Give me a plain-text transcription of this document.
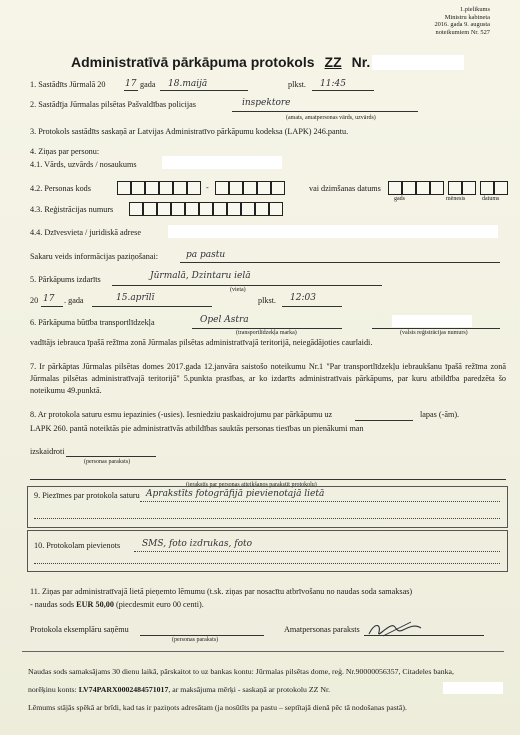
1.pielikums
Ministru kabineta
2016. gada 9. augusta
noteikumiem Nr. 527
Administratīvā pārkāpuma protokols ZZ Nr.
1. Sastādīts Jūrmalā 20 17 gada 18.maijā	plkst. 11:45
2. Sastādīja Jūrmalas pilsētas Pašvaldības policijas	inspektore
(amats, amatpersonas vārds, uzvārds)
3. Protokols sastādīts saskaņā ar Latvijas Administratīvo pārkāpumu kodeksa (LAPK) 246.pantu.
4. Ziņas par personu:
4.1. Vārds, uzvārds / nosaukums
4.2. Personas kods	-	vai dzimšanas datums
gads	mēnesis	datums
4.3. Reģistrācijas numurs
4.4. Dzīvesvieta / juridiskā adrese
Sakaru veids informācijas paziņošanai:	pa pastu
5. Pārkāpums izdarīts	Jūrmalā, Dzintaru ielā
(vieta)
20 17 . gada	15.aprīlī	plkst. 12:03
6. Pārkāpuma būtība transportlīdzekļa	Opel Astra
(transportlīdzekļa marka)	(valsts reģistrācijas numurs)
vadītājs iebrauca īpašā režīma zonā Jūrmalas pilsētas administratīvajā teritorijā, neiegādājoties caurlaidi.
7. Ir pārkāptas Jūrmalas pilsētas domes 2017.gada 12.janvāra saistošo noteikumu Nr.1 "Par transportlīdzekļu iebraukšanu īpašā režīma zonā Jūrmalas pilsētas administratīvajā teritorijā" 5.punkta prasības, ar ko izdarīts administratīvais pārkāpums, par kuru atbildība paredzēta šo noteikumu 49.punktā.
8. Ar protokola saturu esmu iepazinies (-usies). Iesniedziu paskaidrojumu par pārkāpumu uz	lapas (-ām).
LAPK 260. pantā noteiktās pie administratīvās atbildības sauktās personas tiesības un pienākumi man
izskaidroti
(personas paraksts)
(ierakstīs par personas atteikšanos parakstīt protokolu)
9. Piezīmes par protokola saturu Aprakstīts fotogrāfijā pievienotajā lietā
10. Protokolam pievienots SMS, foto izdrukas, foto
11. Ziņas par administratīvajā lietā pieņemto lēmumu (t.sk. ziņas par nosacītu atbrīvošanu no naudas soda samaksas)
- naudas sods EUR 50,00 (piecdesmit euro 00 centi).
Protokola eksemplāru saņēmu
(personas paraksts)
Amatpersonas paraksts
Naudas sods samaksājams 30 dienu laikā, pārskaitot to uz bankas kontu: Jūrmalas pilsētas dome, reģ. Nr.90000056357, Citadeles banka,
norēķinu konts: LV74PARX0002484571017, ar maksājuma mērķi - saskaņā ar protokolu ZZ Nr.
Lēmums stājās spēkā ar brīdi, kad tas ir paziņots adresātam (ja nosūtīts pa pastu – septītajā dienā pēc tā nodošanas pastā).
